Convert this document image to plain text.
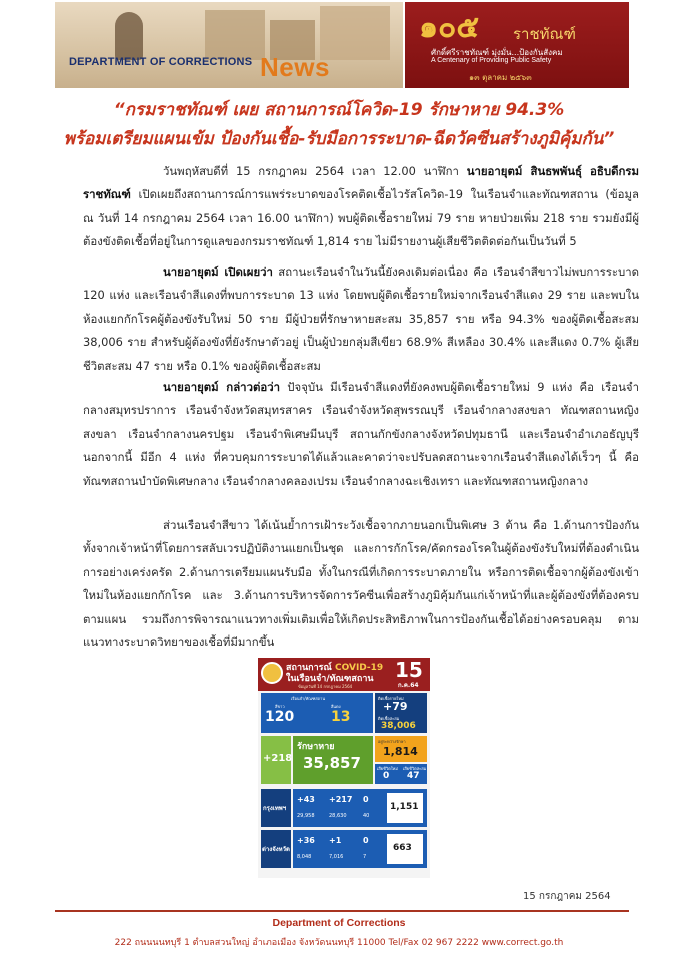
DEPARTMENT OF CORRECTIONS News
๑๐๕ ราชทัณฑ์
ศักดิ์ศรีราชทัณฑ์ มุ่งมั่น...ป้องกันสังคม
A Centenary of Providing Public Safety
๑๓ ตุลาคม ๒๕๖๓
“กรมราชทัณฑ์ เผย สถานการณ์โควิด-19 รักษาหาย 94.3%
พร้อมเตรียมแผนเข้ม ป้องกันเชื้อ-รับมือการระบาด-ฉีดวัคซีนสร้างภูมิคุ้มกัน”
วันพฤหัสบดีที่ 15 กรกฎาคม 2564 เวลา 12.00 นาฬิกา นายอายุตม์ สินธพพันธุ์ อธิบดีกรมราชทัณฑ์ เปิดเผยถึงสถานการณ์การแพร่ระบาดของโรคติดเชื้อไวรัสโควิด-19 ในเรือนจำและทัณฑสถาน (ข้อมูล ณ วันที่ 14 กรกฎาคม 2564 เวลา 16.00 นาฬิกา) พบผู้ติดเชื้อรายใหม่ 79 ราย หายป่วยเพิ่ม 218 ราย รวมยังมีผู้ต้องขังติดเชื้อที่อยู่ในการดูแลของกรมราชทัณฑ์ 1,814 ราย ไม่มีรายงานผู้เสียชีวิตติดต่อกันเป็นวันที่ 5
นายอายุตม์ เปิดเผยว่า สถานะเรือนจำในวันนี้ยังคงเดิมต่อเนื่อง คือ เรือนจำสีขาวไม่พบการระบาด 120 แห่ง และเรือนจำสีแดงที่พบการระบาด 13 แห่ง โดยพบผู้ติดเชื้อรายใหม่จากเรือนจำสีแดง 29 ราย และพบในห้องแยกกักโรคผู้ต้องขังรับใหม่ 50 ราย มีผู้ป่วยที่รักษาหายสะสม 35,857 ราย หรือ 94.3% ของผู้ติดเชื้อสะสม 38,006 ราย สำหรับผู้ต้องขังที่ยังรักษาตัวอยู่ เป็นผู้ป่วยกลุ่มสีเขียว 68.9% สีเหลือง 30.4% และสีแดง 0.7% ผู้เสียชีวิตสะสม 47 ราย หรือ 0.1% ของผู้ติดเชื้อสะสม
นายอายุตม์ กล่าวต่อว่า ปัจจุบัน มีเรือนจำสีแดงที่ยังคงพบผู้ติดเชื้อรายใหม่ 9 แห่ง คือ เรือนจำกลางสมุทรปราการ เรือนจำจังหวัดสมุทรสาคร เรือนจำจังหวัดสุพรรณบุรี เรือนจำกลางสงขลา ทัณฑสถานหญิงสงขลา เรือนจำกลางนครปฐม เรือนจำพิเศษมีนบุรี สถานกักขังกลางจังหวัดปทุมธานี และเรือนจำอำเภอธัญบุรี นอกจากนี้ มีอีก 4 แห่ง ที่ควบคุมการระบาดได้แล้วและคาดว่าจะปรับลดสถานะจากเรือนจำสีแดงได้เร็วๆ นี้ คือ ทัณฑสถานบำบัดพิเศษกลาง เรือนจำกลางคลองเปรม เรือนจำกลางฉะเชิงเทรา และทัณฑสถานหญิงกลาง
ส่วนเรือนจำสีขาว ได้เน้นย้ำการเฝ้าระวังเชื้อจากภายนอกเป็นพิเศษ 3 ด้าน คือ 1.ด้านการป้องกัน ทั้งจากเจ้าหน้าที่โดยการสลับเวรปฏิบัติงานแยกเป็นชุด และการกักโรค/คัดกรองโรคในผู้ต้องขังรับใหม่ที่ต้องดำเนินการอย่างเคร่งครัด 2.ด้านการเตรียมแผนรับมือ ทั้งในกรณีที่เกิดการระบาดภายใน หรือการติดเชื้อจากผู้ต้องขังเข้าใหม่ในห้องแยกกักโรค และ 3.ด้านการบริหารจัดการวัคซีนเพื่อสร้างภูมิคุ้มกันแก่เจ้าหน้าที่และผู้ต้องขังที่ต้องครบตามแผน รวมถึงการพิจารณาแนวทางเพิ่มเติมเพื่อให้เกิดประสิทธิภาพในการป้องกันเชื้อได้อย่างครอบคลุม ตามแนวทางระบาดวิทยาของเชื้อที่มีมากขึ้น
สถานการณ์ COVID-19
ในเรือนจำ/ทัณฑสถาน
ข้อมูลวันที่ 14 กรกฎาคม 2564
15
ก.ค.64
เรือนจำ/ทัณฑสถาน
สีขาว	สีแดง
120	13
ติดเชื้อรายใหม่
+79
ติดเชื้อสะสม
38,006
+218
รักษาหาย
35,857
อยู่ระหว่างรักษา
1,814
เสียชีวิตใหม่ เสียชีวิตสะสม
0 47
กรุงเทพฯ
+43
29,958
+217
28,630
0
40
1,151
ต่างจังหวัด
+36
8,048
+1
7,016
0
7
663
15 กรกฎาคม 2564
Department of Corrections
222 ถนนนนทบุรี 1 ตำบลสวนใหญ่ อำเภอเมือง จังหวัดนนทบุรี 11000 Tel/Fax 02 967 2222 www.correct.go.th
